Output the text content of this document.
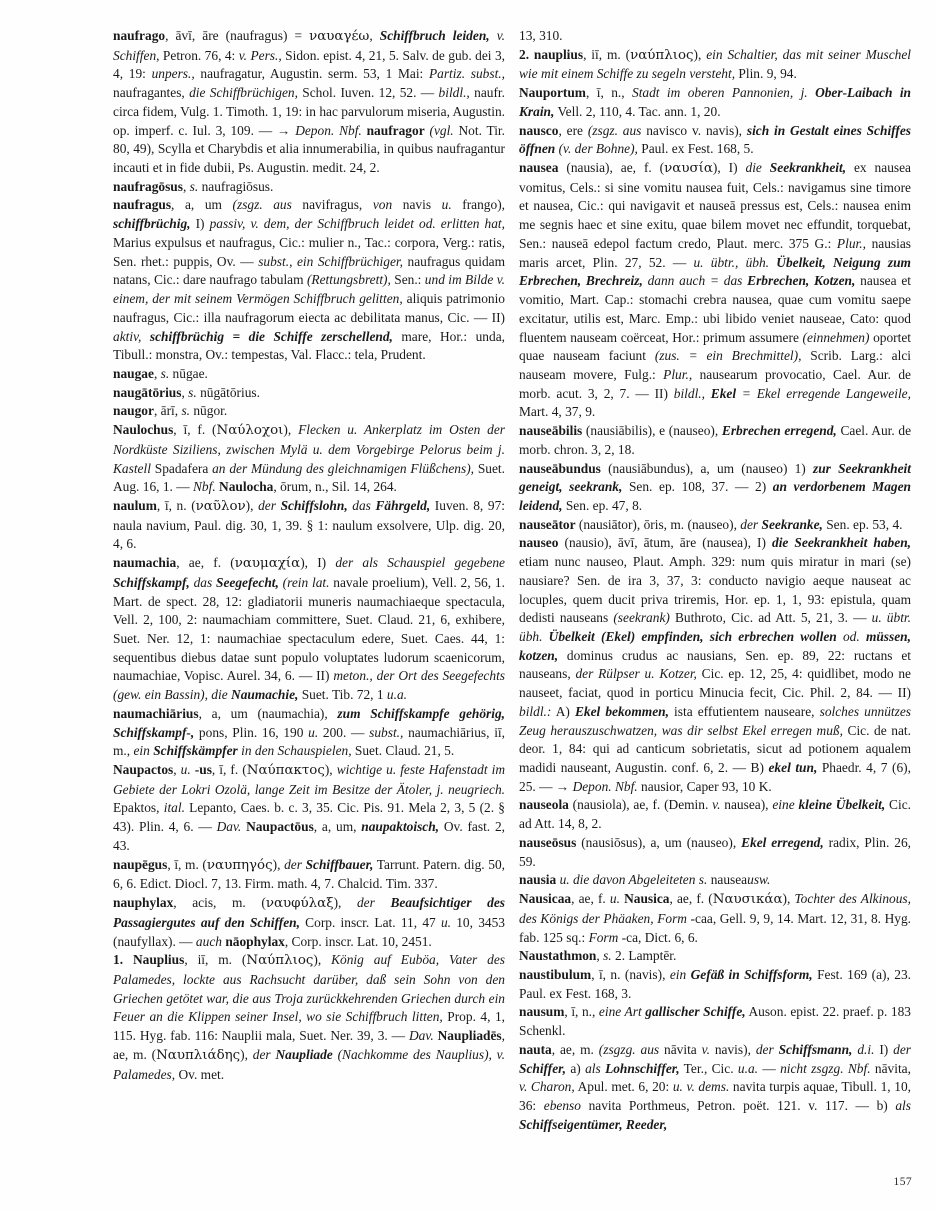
naufrago, āvī, āre (naufragus) = ναυαγέω, Schiffbruch leiden, v. Schiffen, Petron. 76, 4: v. Pers., Sidon. epist. 4, 21, 5. Salv. de gub. dei 3, 4, 19: unpers., naufragatur, Augustin. serm. 53, 1 Mai: Partiz. subst., naufragantes, die Schiffbrüchigen, Schol. Iuven. 12, 52. — bildl., naufr. circa fidem, Vulg. 1. Timoth. 1, 19: in hac parvulorum miseria, Augustin. op. imperf. c. Iul. 3, 109. — → Depon. Nbf. naufragor (vgl. Not. Tir. 80, 49), Scylla et Charybdis et alia innumerabilia, in quibus naufragantur incauti et in fide dubii, Ps. Augustin. medit. 24, 2.

naufragōsus, s. naufragiōsus.

naufragus, a, um (zsgz. aus navifragus, von navis u. frango), schiffbrüchig, I) passiv, v. dem, der Schiffbruch leidet od. erlitten hat, Marius expulsus et naufragus, Cic.: mulier n., Tac.: corpora, Verg.: ratis, Sen. rhet.: puppis, Ov. — subst., ein Schiffbrüchiger, naufragus quidam natans, Cic.: dare naufrago tabulam (Rettungsbrett), Sen.: und im Bilde v. einem, der mit seinem Vermögen Schiffbruch gelitten, aliquis patrimonio naufragus, Cic.: illa naufragorum eiecta ac debilitata manus, Cic. — II) aktiv, schiffbrüchig = die Schiffe zerschellend, mare, Hor.: unda, Tibull.: monstra, Ov.: tempestas, Val. Flacc.: tela, Prudent.

naugae, s. nūgae.

naugātōrius, s. nūgātōrius.

naugor, ārī, s. nūgor.

Naulochus, ī, f. (Ναύλοχοι), Flecken u. Ankerplatz im Osten der Nordküste Siziliens, zwischen Mylä u. dem Vorgebirge Pelorus beim j. Kastell Spadafera an der Mündung des gleichnamigen Flüßchens), Suet. Aug. 16, 1. — Nbf. Naulocha, ōrum, n., Sil. 14, 264.

naulum, ī, n. (ναῦλον), der Schiffslohn, das Fährgeld, Iuven. 8, 97: naula navium, Paul. dig. 30, 1, 39. § 1: naulum exsolvere, Ulp. dig. 20, 4, 6.

naumachia, ae, f. (ναυμαχία), I) der als Schauspiel gegebene Schiffskampf, das Seegefecht, (rein lat. navale proelium), Vell. 2, 56, 1. Mart. de spect. 28, 12: gladiatorii muneris naumachiaeque spectacula, Vell. 2, 100, 2: naumachiam committere, Suet. Claud. 21, 6, exhibere, Suet. Ner. 12, 1: naumachiae spectaculum edere, Suet. Caes. 44, 1: sequentibus diebus datae sunt populo voluptates ludorum scaenicorum, naumachiae, Vopisc. Aurel. 34, 6. — II) meton., der Ort des Seegefechts (gew. ein Bassin), die Naumachie, Suet. Tib. 72, 1 u.a.

naumachiārius, a, um (naumachia), zum Schiffskampfe gehörig, Schiffskampf-, pons, Plin. 16, 190 u. 200. — subst., naumachiārius, iī, m., ein Schiffskämpfer in den Schauspielen, Suet. Claud. 21, 5.

Naupactos, u. -us, ī, f. (Ναύπακτος), wichtige u. feste Hafenstadt im Gebiete der Lokri Ozolä, lange Zeit im Besitze der Ätoler, j. neugriech. Epaktos, ital. Lepanto, Caes. b. c. 3, 35. Cic. Pis. 91. Mela 2, 3, 5 (2. § 43). Plin. 4, 6. — Dav. Naupactōus, a, um, naupaktoisch, Ov. fast. 2, 43.

naupēgus, ī, m. (ναυπηγός), der Schiffbauer, Tarrunt. Patern. dig. 50, 6, 6. Edict. Diocl. 7, 13. Firm. math. 4, 7. Chalcid. Tim. 337.

nauphylax, acis, m. (ναυφύλαξ), der Beaufsichtiger des Passagiergutes auf den Schiffen, Corp. inscr. Lat. 11, 47 u. 10, 3453 (naufyllax). — auch nāophylax, Corp. inscr. Lat. 10, 2451.

1. Nauplius, iī, m. (Ναύπλιος), König auf Euböa, Vater des Palamedes, lockte aus Rachsucht darüber, daß sein Sohn von den Griechen getötet war, die aus Troja zurückkehrenden Griechen durch ein Feuer an die Klippen seiner Insel, wo sie Schiffbruch litten, Prop. 4, 1, 115. Hyg. fab. 116: Nauplii mala, Suet. Ner. 39, 3. — Dav. Naupliadēs, ae, m. (Ναυπλιάδης), der Naupliade (Nachkomme des Nauplius), v. Palamedes, Ov. met.

13, 310.

2. nauplius, iī, m. (ναύπλιος), ein Schaltier, das mit seiner Muschel wie mit einem Schiffe zu segeln versteht, Plin. 9, 94.

Nauportum, ī, n., Stadt im oberen Pannonien, j. Ober-Laibach in Krain, Vell. 2, 110, 4. Tac. ann. 1, 20.

nausco, ere (zsgz. aus navisco v. navis), sich in Gestalt eines Schiffes öffnen (v. der Bohne), Paul. ex Fest. 168, 5.

nausea (nausia), ae, f. (ναυσία), I) die Seekrankheit, ex nausea vomitus, Cels.: si sine vomitu nausea fuit, Cels.: navigamus sine timore et nausea, Cic.: qui navigavit et nauseā pressus est, Cels.: nausea enim me segnis haec et sine exitu, quae bilem movet nec effundit, torquebat, Sen.: nauseā edepol factum credo, Plaut. merc. 375 G.: Plur., nausias maris arcet, Plin. 27, 52. — u. übtr., übh. Übelkeit, Neigung zum Erbrechen, Brechreiz, dann auch = das Erbrechen, Kotzen, nausea et vomitio, Mart. Cap.: stomachi crebra nausea, quae cum vomitu saepe excitatur, utilis est, Marc. Emp.: ubi libido veniet nauseae, Cato: quod fluentem nauseam coërceat, Hor.: primum assumere (einnehmen) oportet quae nauseam faciunt (zus. = ein Brechmittel), Scrib. Larg.: alci nauseam movere, Fulg.: Plur., nausearum provocatio, Cael. Aur. de morb. acut. 3, 2, 7. — II) bildl., Ekel = Ekel erregende Langeweile, Mart. 4, 37, 9.

nauseābilis (nausiābilis), e (nauseo), Erbrechen erregend, Cael. Aur. de morb. chron. 3, 2, 18.

nauseābundus (nausiābundus), a, um (nauseo) 1) zur Seekrankheit geneigt, seekrank, Sen. ep. 108, 37. — 2) an verdorbenem Magen leidend, Sen. ep. 47, 8.

nauseātor (nausiātor), ōris, m. (nauseo), der Seekranke, Sen. ep. 53, 4.

nauseo (nausio), āvī, ātum, āre (nausea), I) die Seekrankheit haben, etiam nunc nauseo, Plaut. Amph. 329: num quis miratur in mari (se) nausiare? Sen. de ira 3, 37, 3: conducto navigio aeque nauseat ac locuples, quem ducit priva triremis, Hor. ep. 1, 1, 93: epistula, quam dedisti nauseans (seekrank) Buthroto, Cic. ad Att. 5, 21, 3. — u. übtr. übh. Übelkeit (Ekel) empfinden, sich erbrechen wollen od. müssen, kotzen, dominus crudus ac nausians, Sen. ep. 89, 22: ructans et nauseans, der Rülpser u. Kotzer, Cic. ep. 12, 25, 4: quidlibet, modo ne nauseet, faciat, quod in porticu Minucia fecit, Cic. Phil. 2, 84. — II) bildl.: A) Ekel bekommen, ista effutientem nauseare, solches unnützes Zeug herauszuschwatzen, was dir selbst Ekel erregen muß, Cic. de nat. deor. 1, 84: qui ad canticum sobrietatis, sicut ad potionem aqualem madidi nauseant, Augustin. conf. 6, 2. — B) ekel tun, Phaedr. 4, 7 (6), 25. — → Depon. Nbf. nausior, Caper 93, 10 K.

nauseola (nausiola), ae, f. (Demin. v. nausea), eine kleine Übelkeit, Cic. ad Att. 14, 8, 2.

nauseōsus (nausiōsus), a, um (nauseo), Ekel erregend, radix, Plin. 26, 59.

nausia u. die davon Abgeleiteten s. nauseausw.

Nausicaa, ae, f. u. Nausica, ae, f. (Ναυσικάα), Tochter des Alkinous, des Königs der Phäaken, Form -caa, Gell. 9, 9, 14. Mart. 12, 31, 8. Hyg. fab. 125 sq.: Form -ca, Dict. 6, 6.

Naustathmon, s. 2. Lamptēr.

naustibulum, ī, n. (navis), ein Gefäß in Schiffsform, Fest. 169 (a), 23. Paul. ex Fest. 168, 3.

nausum, ī, n., eine Art gallischer Schiffe, Auson. epist. 22. praef. p. 183 Schenkl.

nauta, ae, m. (zsgzg. aus nāvita v. navis), der Schiffsmann, d.i. I) der Schiffer, a) als Lohnschiffer, Ter., Cic. u.a. — nicht zsgzg. Nbf. nāvita, v. Charon, Apul. met. 6, 20: u. v. dems. navita turpis aquae, Tibull. 1, 10, 36: ebenso navita Porthmeus, Petron. poët. 121. v. 117. — b) als Schiffseigentümer, Reeder,

157
